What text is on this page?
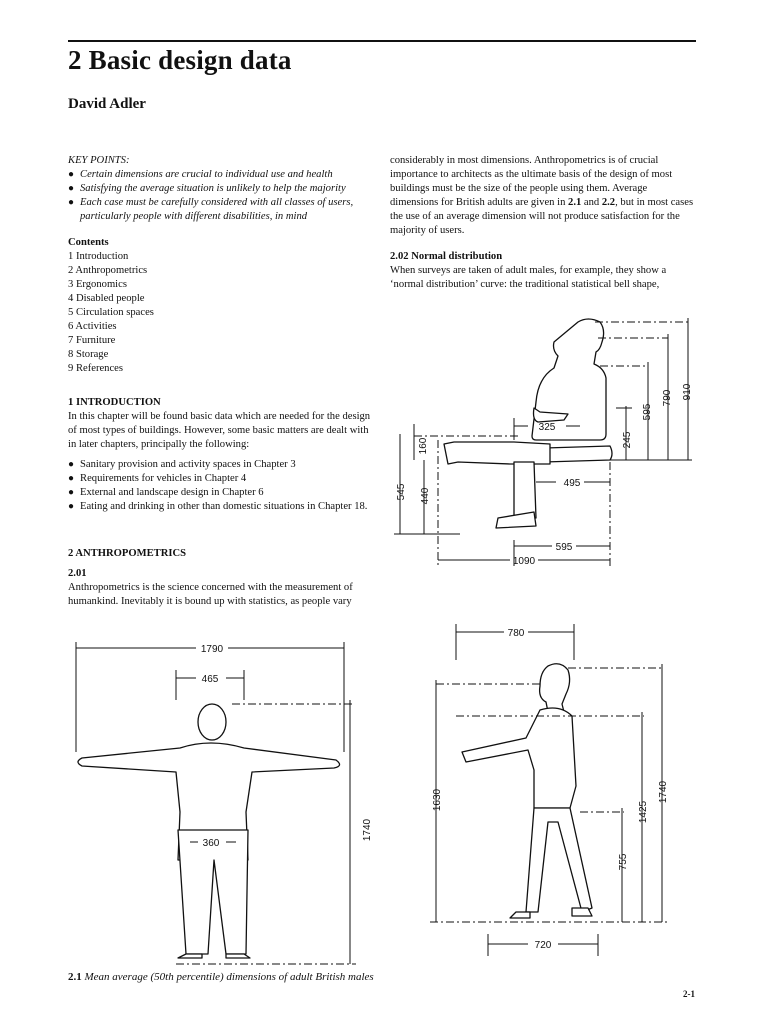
2 Basic design data
David Adler
KEY POINTS:
● Certain dimensions are crucial to individual use and health
● Satisfying the average situation is unlikely to help the majority
● Each case must be carefully considered with all classes of users, particularly people with different disabilities, in mind
Contents
1 Introduction
2 Anthropometrics
3 Ergonomics
4 Disabled people
5 Circulation spaces
6 Activities
7 Furniture
8 Storage
9 References
1 INTRODUCTION

In this chapter will be found basic data which are needed for the design of most types of buildings. However, some basic matters are dealt with in later chapters, principally the following:

● Sanitary provision and activity spaces in Chapter 3
● Requirements for vehicles in Chapter 4
● External and landscape design in Chapter 6
● Eating and drinking in other than domestic situations in Chapter 18.
2 ANTHROPOMETRICS
2.01

Anthropometrics is the science concerned with the measurement of humankind. Inevitably it is bound up with statistics, as people vary

considerably in most dimensions. Anthropometrics is of crucial importance to architects as the ultimate basis of the design of most buildings must be the size of the people using them. Average dimensions for British adults are given in 2.1 and 2.2, but in most cases the use of an average dimension will not produce satisfaction for the majority of users.

2.02 Normal distribution

When surveys are taken of adult males, for example, they show a ‘normal distribution’ curve: the traditional statistical bell shape,

910
790
595
245
325
160
545 440
495
595
1090
1790
465
360
1740
780
1630
1425
1740
755
720
2.1 Mean average (50th percentile) dimensions of adult British males
2-1
